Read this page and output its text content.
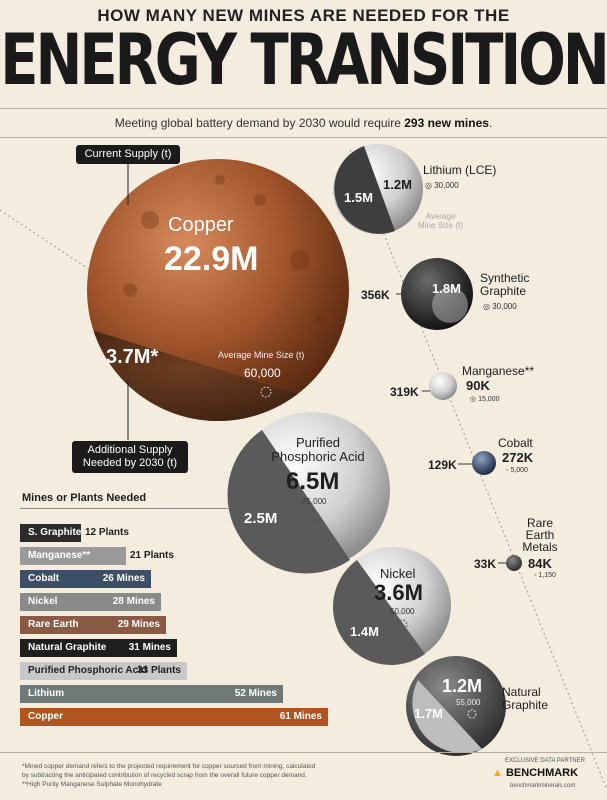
HOW MANY NEW MINES ARE NEEDED FOR THE
ENERGY TRANSITION
Meeting global battery demand by 2030 would require 293 new mines.
Current Supply (t)
Additional Supply
Needed by 2030 (t)
Copper
22.9M
3.7M*	Average Mine Size (t)
60,000
Lithium (LCE)
1.2M
1.5M
◎ 30,000
Average
Mine Size (t)
Synthetic
Graphite
1.8M
356K
◎ 30,000
Manganese**
90K
319K
◎ 15,000
Cobalt
272K
129K	◦ 5,000
Rare
Earth
Metals
84K
33K
◦ 1,150
Purified
Phosphoric Acid
6.5M
75,000
2.5M
Nickel
3.6M
50,000
1.4M
Natural
Graphite
1.2M
55,000
1.7M
Mines or Plants Needed
S. Graphite 12 Plants
Manganese**	21 Plants
Cobalt	26 Mines
Nickel	28 Mines
Rare Earth	29 Mines
Natural Graphite 31 Mines
Purified Phosphoric Acid
33 Plants
Lithium	52 Mines
Copper	61 Mines
*Mined copper demand refers to the projected requirement for copper sourced from mining, calculated
by subtracting the anticipated contribution of recycled scrap from the overall future copper demand.
**High Purity Manganese Sulphate Monohydrate
EXCLUSIVE DATA PARTNER
▲ BENCHMARK
benchmarkminerals.com
